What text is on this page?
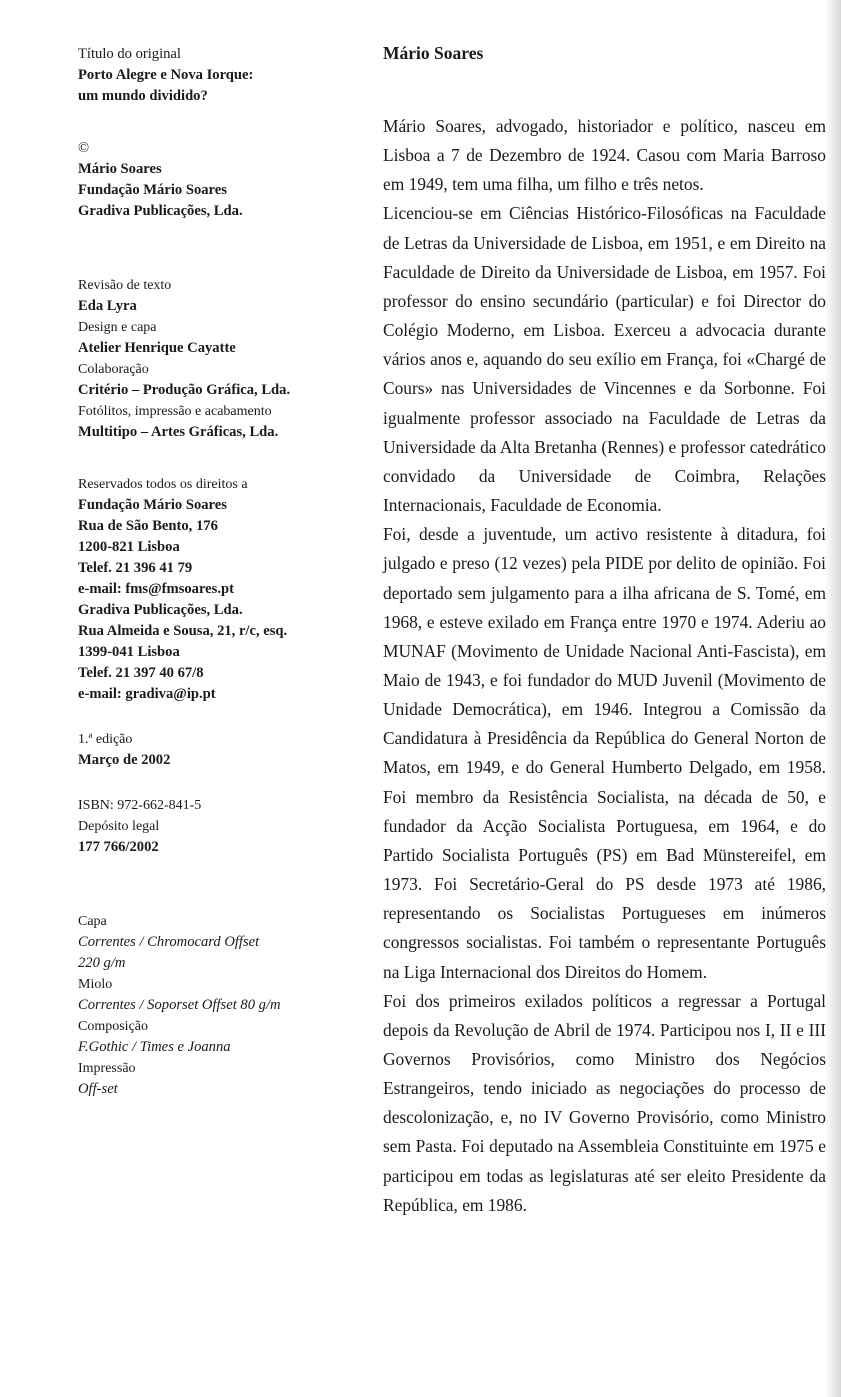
Título do original
Porto Alegre e Nova Iorque:
um mundo dividido?
©
Mário Soares
Fundação Mário Soares
Gradiva Publicações, Lda.
Revisão de texto
Eda Lyra
Design e capa
Atelier Henrique Cayatte
Colaboração
Critério – Produção Gráfica, Lda.
Fotólitos, impressão e acabamento
Multitipo – Artes Gráficas, Lda.
Reservados todos os direitos a
Fundação Mário Soares
Rua de São Bento, 176
1200-821 Lisboa
Telef. 21 396 41 79
e-mail: fms@fmsoares.pt
Gradiva Publicações, Lda.
Rua Almeida e Sousa, 21, r/c, esq.
1399-041 Lisboa
Telef. 21 397 40 67/8
e-mail: gradiva@ip.pt
1.ª edição
Março de 2002
ISBN: 972-662-841-5
Depósito legal
177 766/2002
Capa
Correntes / Chromocard Offset
220 g/m
Miolo
Correntes / Soporset Offset 80 g/m
Composição
F.Gothic / Times e Joanna
Impressão
Off-set
Mário Soares

Mário Soares, advogado, historiador e político, nasceu em Lisboa a 7 de Dezembro de 1924. Casou com Maria Barroso em 1949, tem uma filha, um filho e três netos.

Licenciou-se em Ciências Histórico-Filosóficas na Faculdade de Letras da Universidade de Lisboa, em 1951, e em Direito na Faculdade de Direito da Universidade de Lisboa, em 1957. Foi professor do ensino secundário (particular) e foi Director do Colégio Moderno, em Lisboa. Exerceu a advocacia durante vários anos e, aquando do seu exílio em França, foi «Chargé de Cours» nas Universidades de Vincennes e da Sorbonne. Foi igualmente professor associado na Faculdade de Letras da Universidade da Alta Bretanha (Rennes) e professor catedrático convidado da Universidade de Coimbra, Relações Internacionais, Faculdade de Economia.

Foi, desde a juventude, um activo resistente à ditadura, foi julgado e preso (12 vezes) pela PIDE por delito de opinião. Foi deportado sem julgamento para a ilha africana de S. Tomé, em 1968, e esteve exilado em França entre 1970 e 1974. Aderiu ao MUNAF (Movimento de Unidade Nacional Anti-Fascista), em Maio de 1943, e foi fundador do MUD Juvenil (Movimento de Unidade Democrática), em 1946. Integrou a Comissão da Candidatura à Presidência da República do General Norton de Matos, em 1949, e do General Humberto Delgado, em 1958. Foi membro da Resistência Socialista, na década de 50, e fundador da Acção Socialista Portuguesa, em 1964, e do Partido Socialista Português (PS) em Bad Münstereifel, em 1973. Foi Secretário-Geral do PS desde 1973 até 1986, representando os Socialistas Portugueses em inúmeros congressos socialistas. Foi também o representante Português na Liga Internacional dos Direitos do Homem.

Foi dos primeiros exilados políticos a regressar a Portugal depois da Revolução de Abril de 1974. Participou nos I, II e III Governos Provisórios, como Ministro dos Negócios Estrangeiros, tendo iniciado as negociações do processo de descolonização, e, no IV Governo Provisório, como Ministro sem Pasta. Foi deputado na Assembleia Constituinte em 1975 e participou em todas as legislaturas até ser eleito Presidente da República, em 1986.
